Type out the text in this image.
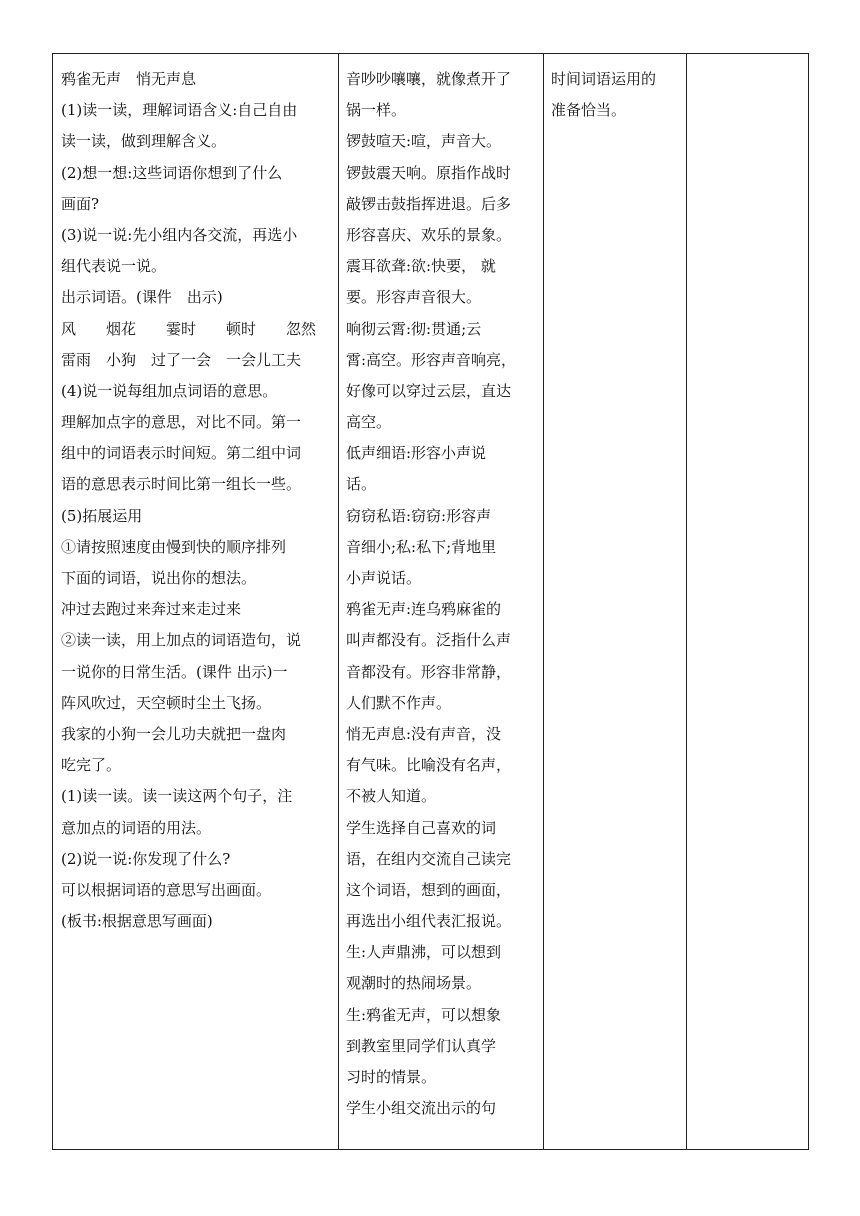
鸦雀无声　悄无声息
(1)读一读，理解词语含义:自己自由
读一读，做到理解含义。
(2)想一想:这些词语你想到了什么
画面?
(3)说一说:先小组内各交流，再选小
组代表说一说。
出示词语。(课件　出示)
风　　烟花　　霎时　　顿时　　忽然
雷雨　小狗　过了一会　一会儿工夫
(4)说一说每组加点词语的意思。
理解加点字的意思，对比不同。第一
组中的词语表示时间短。第二组中词
语的意思表示时间比第一组长一些。
(5)拓展运用
①请按照速度由慢到快的顺序排列
下面的词语，说出你的想法。
冲过去跑过来奔过来走过来
②读一读，用上加点的词语造句，说
一说你的日常生活。(课件 出示)一
阵风吹过，天空顿时尘土飞扬。
我家的小狗一会儿功夫就把一盘肉
吃完了。
(1)读一读。读一读这两个句子，注
意加点的词语的用法。
(2)说一说:你发现了什么?
可以根据词语的意思写出画面。
(板书:根据意思写画面)
音吵吵嚷嚷，就像煮开了
锅一样。
锣鼓喧天:喧，声音大。
锣鼓震天响。原指作战时
敲锣击鼓指挥进退。后多
形容喜庆、欢乐的景象。
震耳欲聋:欲:快要， 就
要。形容声音很大。
响彻云霄:彻:贯通;云
霄:高空。形容声音响亮，
好像可以穿过云层，直达
高空。
低声细语:形容小声说
话。
窃窃私语:窃窃:形容声
音细小;私:私下;背地里
小声说话。
鸦雀无声:连乌鸦麻雀的
叫声都没有。泛指什么声
音都没有。形容非常静，
人们默不作声。
悄无声息:没有声音，没
有气味。比喻没有名声，
不被人知道。
学生选择自己喜欢的词
语，在组内交流自己读完
这个词语，想到的画面，
再选出小组代表汇报说。
生:人声鼎沸，可以想到
观潮时的热闹场景。
生:鸦雀无声，可以想象
到教室里同学们认真学
习时的情景。
学生小组交流出示的句
时间词语运用的
准备恰当。
